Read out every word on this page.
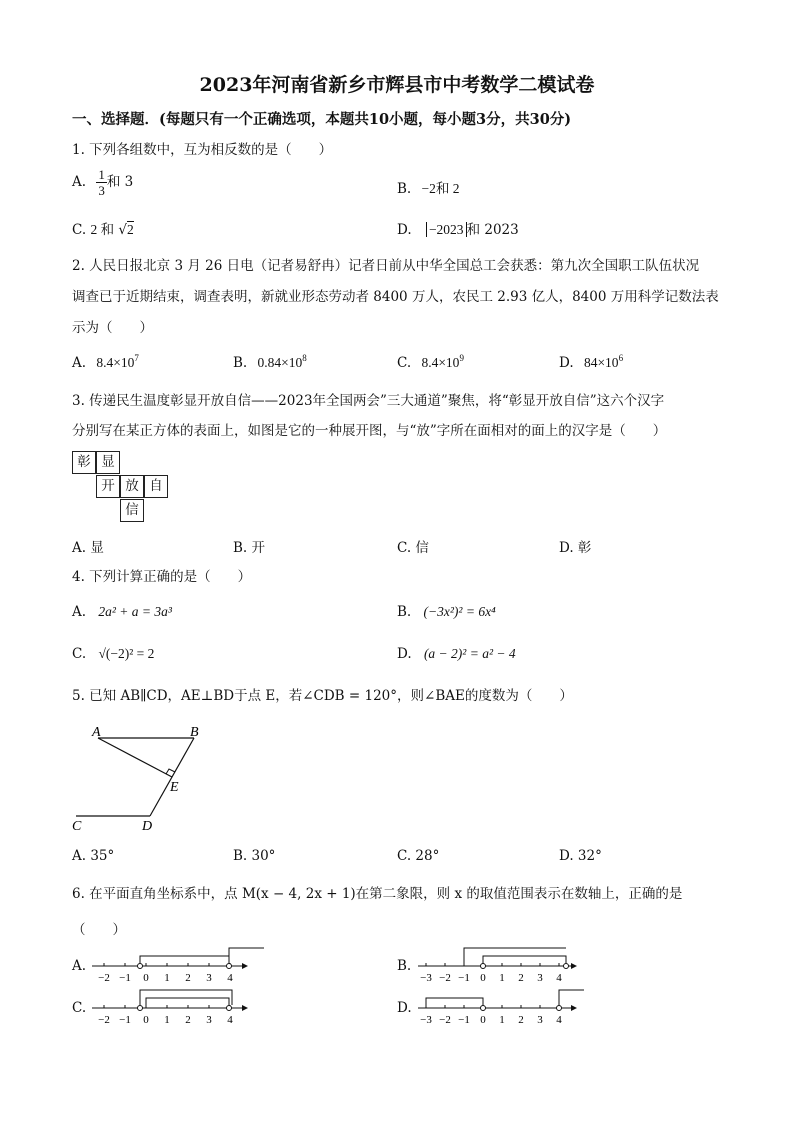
2023年河南省新乡市辉县市中考数学二模试卷
一、选择题．(每题只有一个正确选项，本题共10小题，每小题3分，共30分)
1. 下列各组数中，互为相反数的是（　　）
A. $\frac{1}{3}$ 和 3	B. −2和 2
C. 2 和 √2	D. −2023 和 2023
2. 人民日报北京 3 月 26 日电（记者易舒冉）记者日前从中华全国总工会获悉：第九次全国职工队伍状况
调查已于近期结束，调查表明，新就业形态劳动者 8400 万人，农民工 2.93 亿人，8400 万用科学记数法表
示为（　　）
A. $8.4\times 10^7$	B. $0.84\times 10^8$	C. $8.4\times 10^9$	D. $84\times 10^6$
3. 传递民生温度彰显开放自信——2023年全国两会”三大通道”聚焦，将“彰显开放自信”这六个汉字
分别写在某正方体的表面上，如图是它的一种展开图，与“放”字所在面相对的面上的汉字是（　　）
彰 显
开 放 自
信
A. 显	B. 开	C. 信	D. 彰
4. 下列计算正确的是（　　）
A. 2a² + a = 3a³	B. (−3x²)² = 6x⁴
C. √(−2)² = 2	D. (a − 2)² = a² − 4
5. 已知 AB∥CD，AE⊥BD于点 E，若∠CDB = 120°，则∠BAE的度数为（　　）
A	B
E
C	D
A. 35°	B. 30°	C. 28°	D. 32°
6. 在平面直角坐标系中，点 M(x − 4, 2x + 1)在第二象限，则 x 的取值范围表示在数轴上，正确的是
（　　）
A.	B.
C.	D.
−2 −1 0 1 2 3 4	−3 −2 −1 0 1 2 3 4
−2 −1 0 1 2 3 4	−3 −2 −1 0 1 2 3 4
